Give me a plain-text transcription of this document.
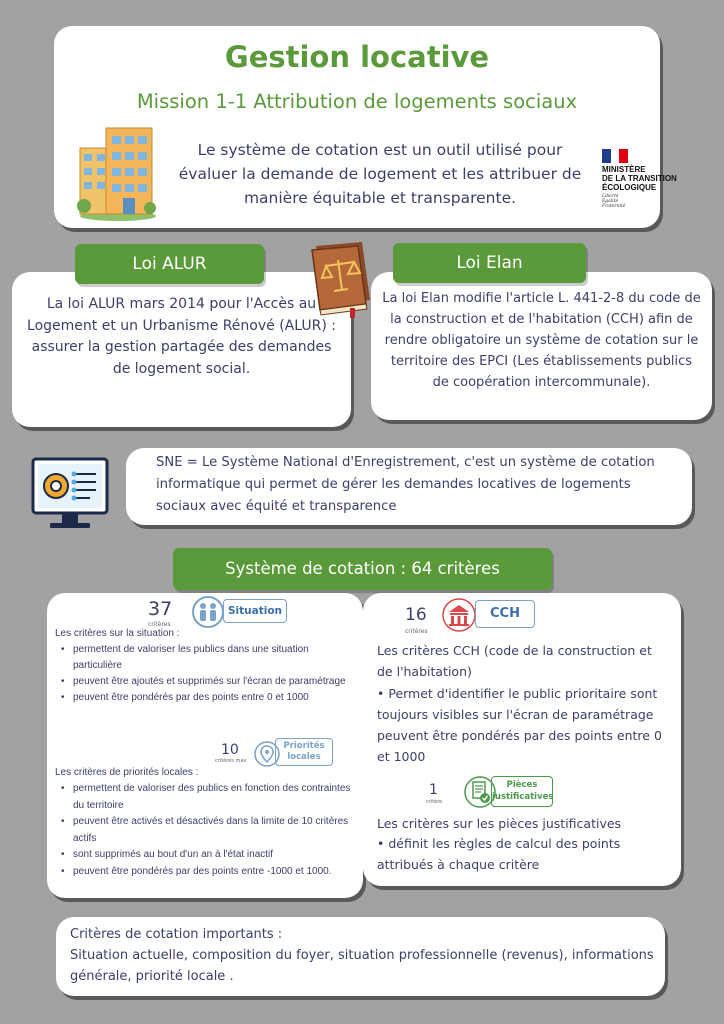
Gestion locative
Mission 1-1 Attribution de logements sociaux
Le système de cotation est un outil utilisé pour évaluer la demande de logement et les attribuer de manière équitable et transparente.
MINISTÈRE
DE LA TRANSITION
ÉCOLOGIQUE
Liberté
Égalité
Fraternité
La loi ALUR mars 2014 pour l'Accès au Logement et un Urbanisme Rénové (ALUR) : assurer la gestion partagée des demandes de logement social.
Loi ALUR
La loi Elan modifie l'article L. 441-2-8 du code de la construction et de l'habitation (CCH) afin de rendre obligatoire un système de cotation sur le territoire des EPCI (Les établissements publics de coopération intercommunale).
Loi Elan
SNE = Le Système National d'Enregistrement, c'est un système de cotation informatique qui permet de gérer les demandes locatives de logements sociaux avec équité et transparence
Système de cotation : 64 critères
37
critères
Situation
Les critères sur la situation :
• permettent de valoriser les publics dans une situation particulière
• peuvent être ajoutés et supprimés sur l'écran de paramétrage
• peuvent être pondérés par des points entre 0 et 1000
10
critères max
Priorités
locales
Les critères de priorités locales :
• permettent de valoriser des publics en fonction des contraintes du territoire
• peuvent être activés et désactivés dans la limite de 10 critères actifs
• sont supprimés au bout d'un an à l'état inactif
• peuvent être pondérés par des points entre -1000 et 1000.
16
critères
CCH
Les critères CCH (code de la construction et de l'habitation)
• Permet d'identifier le public prioritaire sont toujours visibles sur l'écran de paramétrage peuvent être pondérés par des points entre 0 et 1000
1
critère
Pièces
justificatives
Les critères sur les pièces justificatives
• définit les règles de calcul des points attribués à chaque critère
Critères de cotation importants :
Situation actuelle, composition du foyer, situation professionnelle (revenus), informations générale, priorité locale .
